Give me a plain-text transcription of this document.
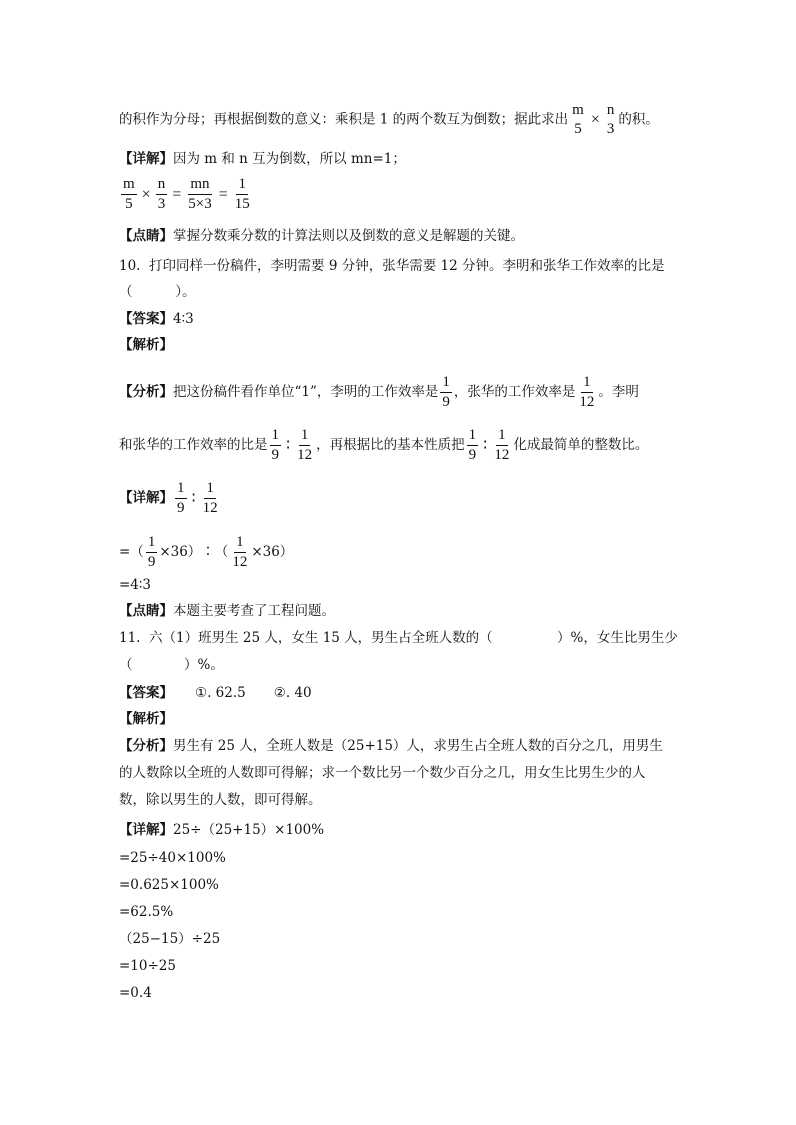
的积作为分母；再根据倒数的意义：乘积是 1 的两个数互为倒数；据此求出
m
5
×
n
3
的积。
【详解】因为 m 和 n 互为倒数，所以 mn=1；
$\frac{m}{5} \times \frac{n}{3} = \frac{mn}{5\times 3} = \frac{1}{15}$
【点睛】掌握分数乘分数的计算法则以及倒数的意义是解题的关键。
10.  打印同样一份稿件，李明需要 9 分钟，张华需要 12 分钟。李明和张华工作效率的比是
（          ）。
【答案】4∶3
【解析】
【分析】把这份稿件看作单位“1”，李明的工作效率是 $\frac{1}{9}$ ，张华的工作效率是 $\frac{1}{12}$ 。李明
和张华的工作效率的比是 $\frac{1}{9}$ ∶ $\frac{1}{12}$ ，再根据比的基本性质把 $\frac{1}{9}$ ∶ $\frac{1}{12}$ 化成最简单的整数比。
【详解】 $\frac{1}{9}$ ∶ $\frac{1}{12}$
=（ $\frac{1}{9}$ ×36）∶（ $\frac{1}{12} \times 36$）
=4∶3
【点睛】本题主要考查了工程问题。
11.  六（1）班男生 25 人，女生 15 人，男生占全班人数的（               ）%，女生比男生少
（            ）%。
【答案】 ①. 62.5 ②. 40
【解析】
【分析】男生有 25 人，全班人数是（25+15）人，求男生占全班人数的百分之几，用男生
的人数除以全班的人数即可得解；求一个数比另一个数少百分之几，用女生比男生少的人
数，除以男生的人数，即可得解。
【详解】25÷（25+15）×100%
=25÷40×100%
=0.625×100%
=62.5%
（25−15）÷25
=10÷25
=0.4
